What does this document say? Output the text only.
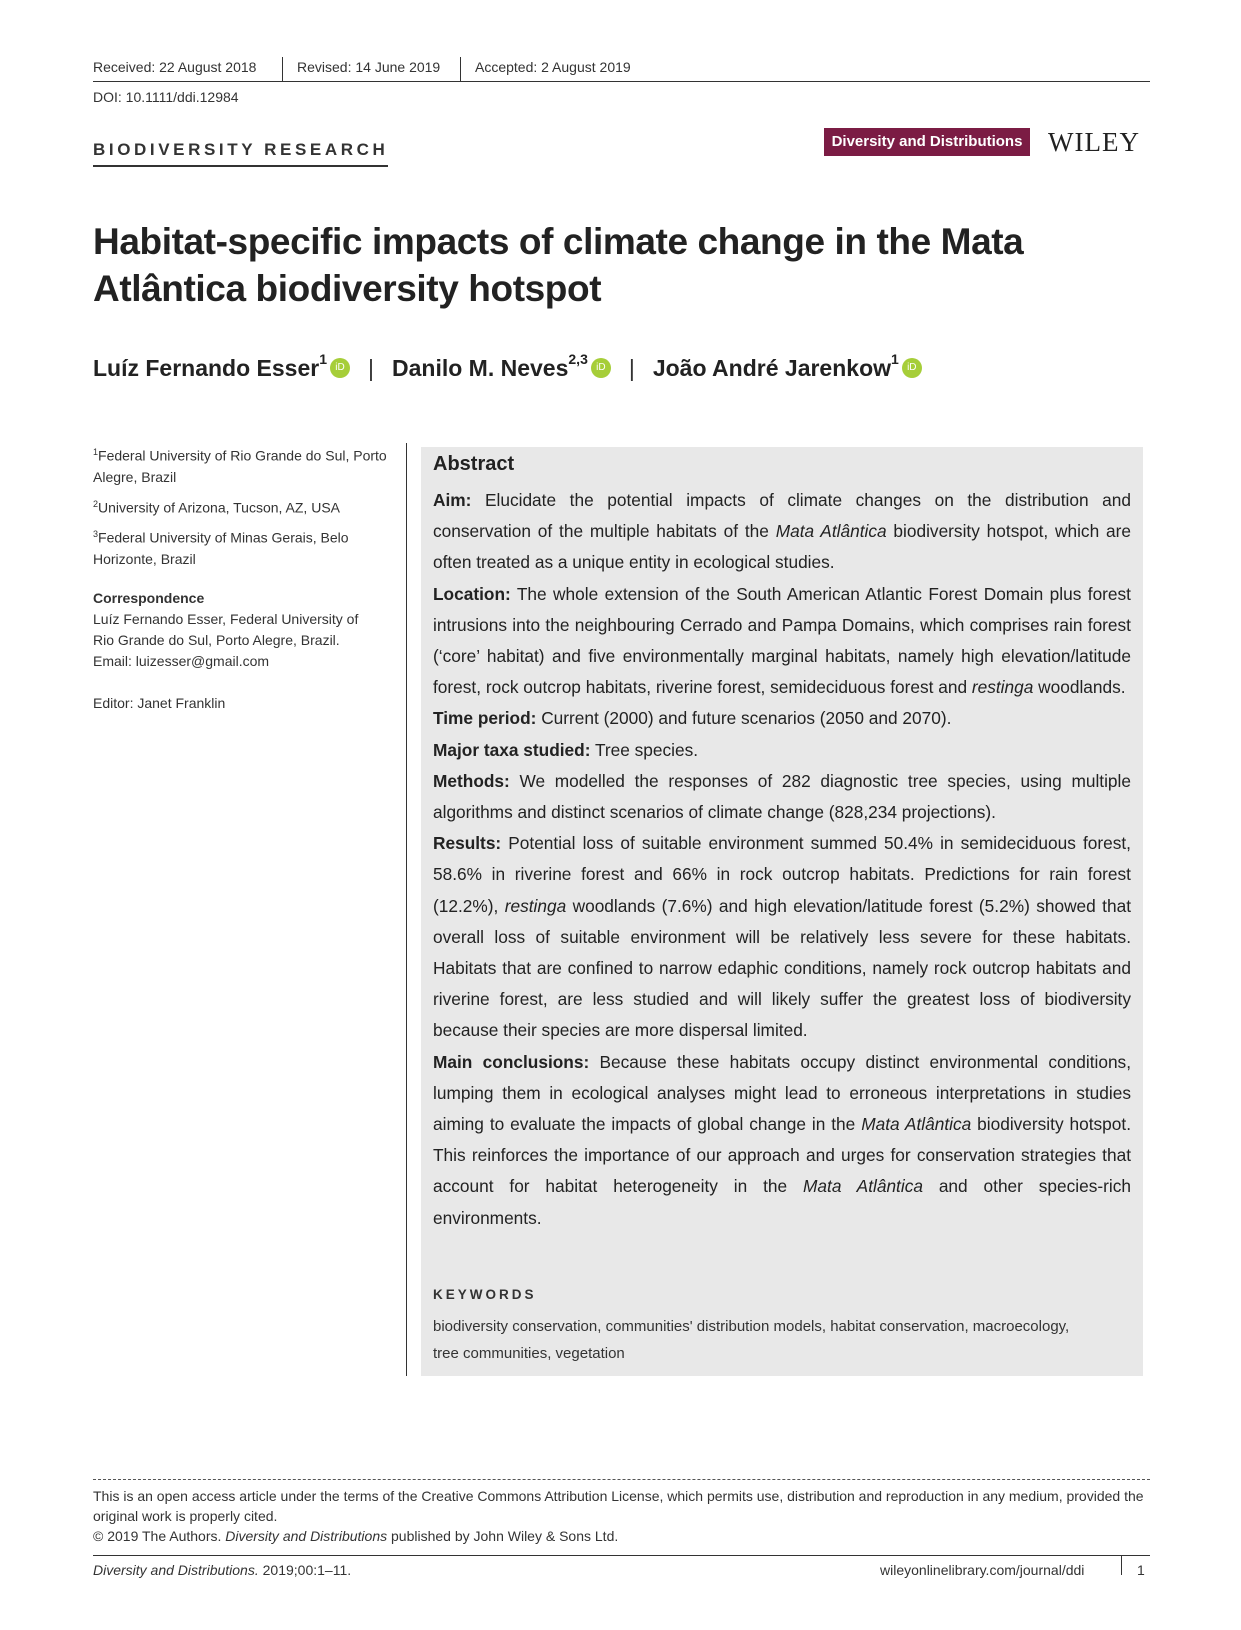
Received: 22 August 2018	Revised: 14 June 2019 Accepted: 2 August 2019
DOI: 10.1111/ddi.12984
BIODIVERSITY RESEARCH	Diversity and Distributions WILEY
Habitat-specific impacts of climate change in the Mata Atlântica biodiversity hotspot
Luíz Fernando Esser$^1$iD | Danilo M. Neves$^{2,3}$iD | João André Jarenkow$^1$iD

$^1$Federal University of Rio Grande do Sul, Porto Alegre, Brazil

$^2$University of Arizona, Tucson, AZ, USA

$^3$Federal University of Minas Gerais, Belo Horizonte, Brazil

Correspondence
Luíz Fernando Esser, Federal University of
Rio Grande do Sul, Porto Alegre, Brazil.
Email: luizesser@gmail.com
Editor: Janet Franklin
Abstract

Aim: Elucidate the potential impacts of climate changes on the distribution and conservation of the multiple habitats of the Mata Atlântica biodiversity hotspot, which are often treated as a unique entity in ecological studies.

Location: The whole extension of the South American Atlantic Forest Domain plus forest intrusions into the neighbouring Cerrado and Pampa Domains, which comprises rain forest (‘core’ habitat) and five environmentally marginal habitats, namely high elevation/latitude forest, rock outcrop habitats, riverine forest, semideciduous forest and restinga woodlands.

Time period: Current (2000) and future scenarios (2050 and 2070).

Major taxa studied: Tree species.

Methods: We modelled the responses of 282 diagnostic tree species, using multiple algorithms and distinct scenarios of climate change (828,234 projections).

Results: Potential loss of suitable environment summed 50.4% in semideciduous forest, 58.6% in riverine forest and 66% in rock outcrop habitats. Predictions for rain forest (12.2%), restinga woodlands (7.6%) and high elevation/latitude forest (5.2%) showed that overall loss of suitable environment will be relatively less severe for these habitats. Habitats that are confined to narrow edaphic conditions, namely rock outcrop habitats and riverine forest, are less studied and will likely suffer the greatest loss of biodiversity because their species are more dispersal limited.

Main conclusions: Because these habitats occupy distinct environmental conditions, lumping them in ecological analyses might lead to erroneous interpretations in studies aiming to evaluate the impacts of global change in the Mata Atlântica biodiversity hotspot. This reinforces the importance of our approach and urges for conservation strategies that account for habitat heterogeneity in the Mata Atlântica and other species-rich environments.

KEYWORDS
biodiversity conservation, communities' distribution models, habitat conservation, macroecology, tree communities, vegetation

This is an open access article under the terms of the Creative Commons Attribution License, which permits use, distribution and reproduction in any medium, provided the original work is properly cited.

© 2019 The Authors. Diversity and Distributions published by John Wiley & Sons Ltd.

Diversity and Distributions. 2019;00:1–11.	wileyonlinelibrary.com/journal/ddi	1
